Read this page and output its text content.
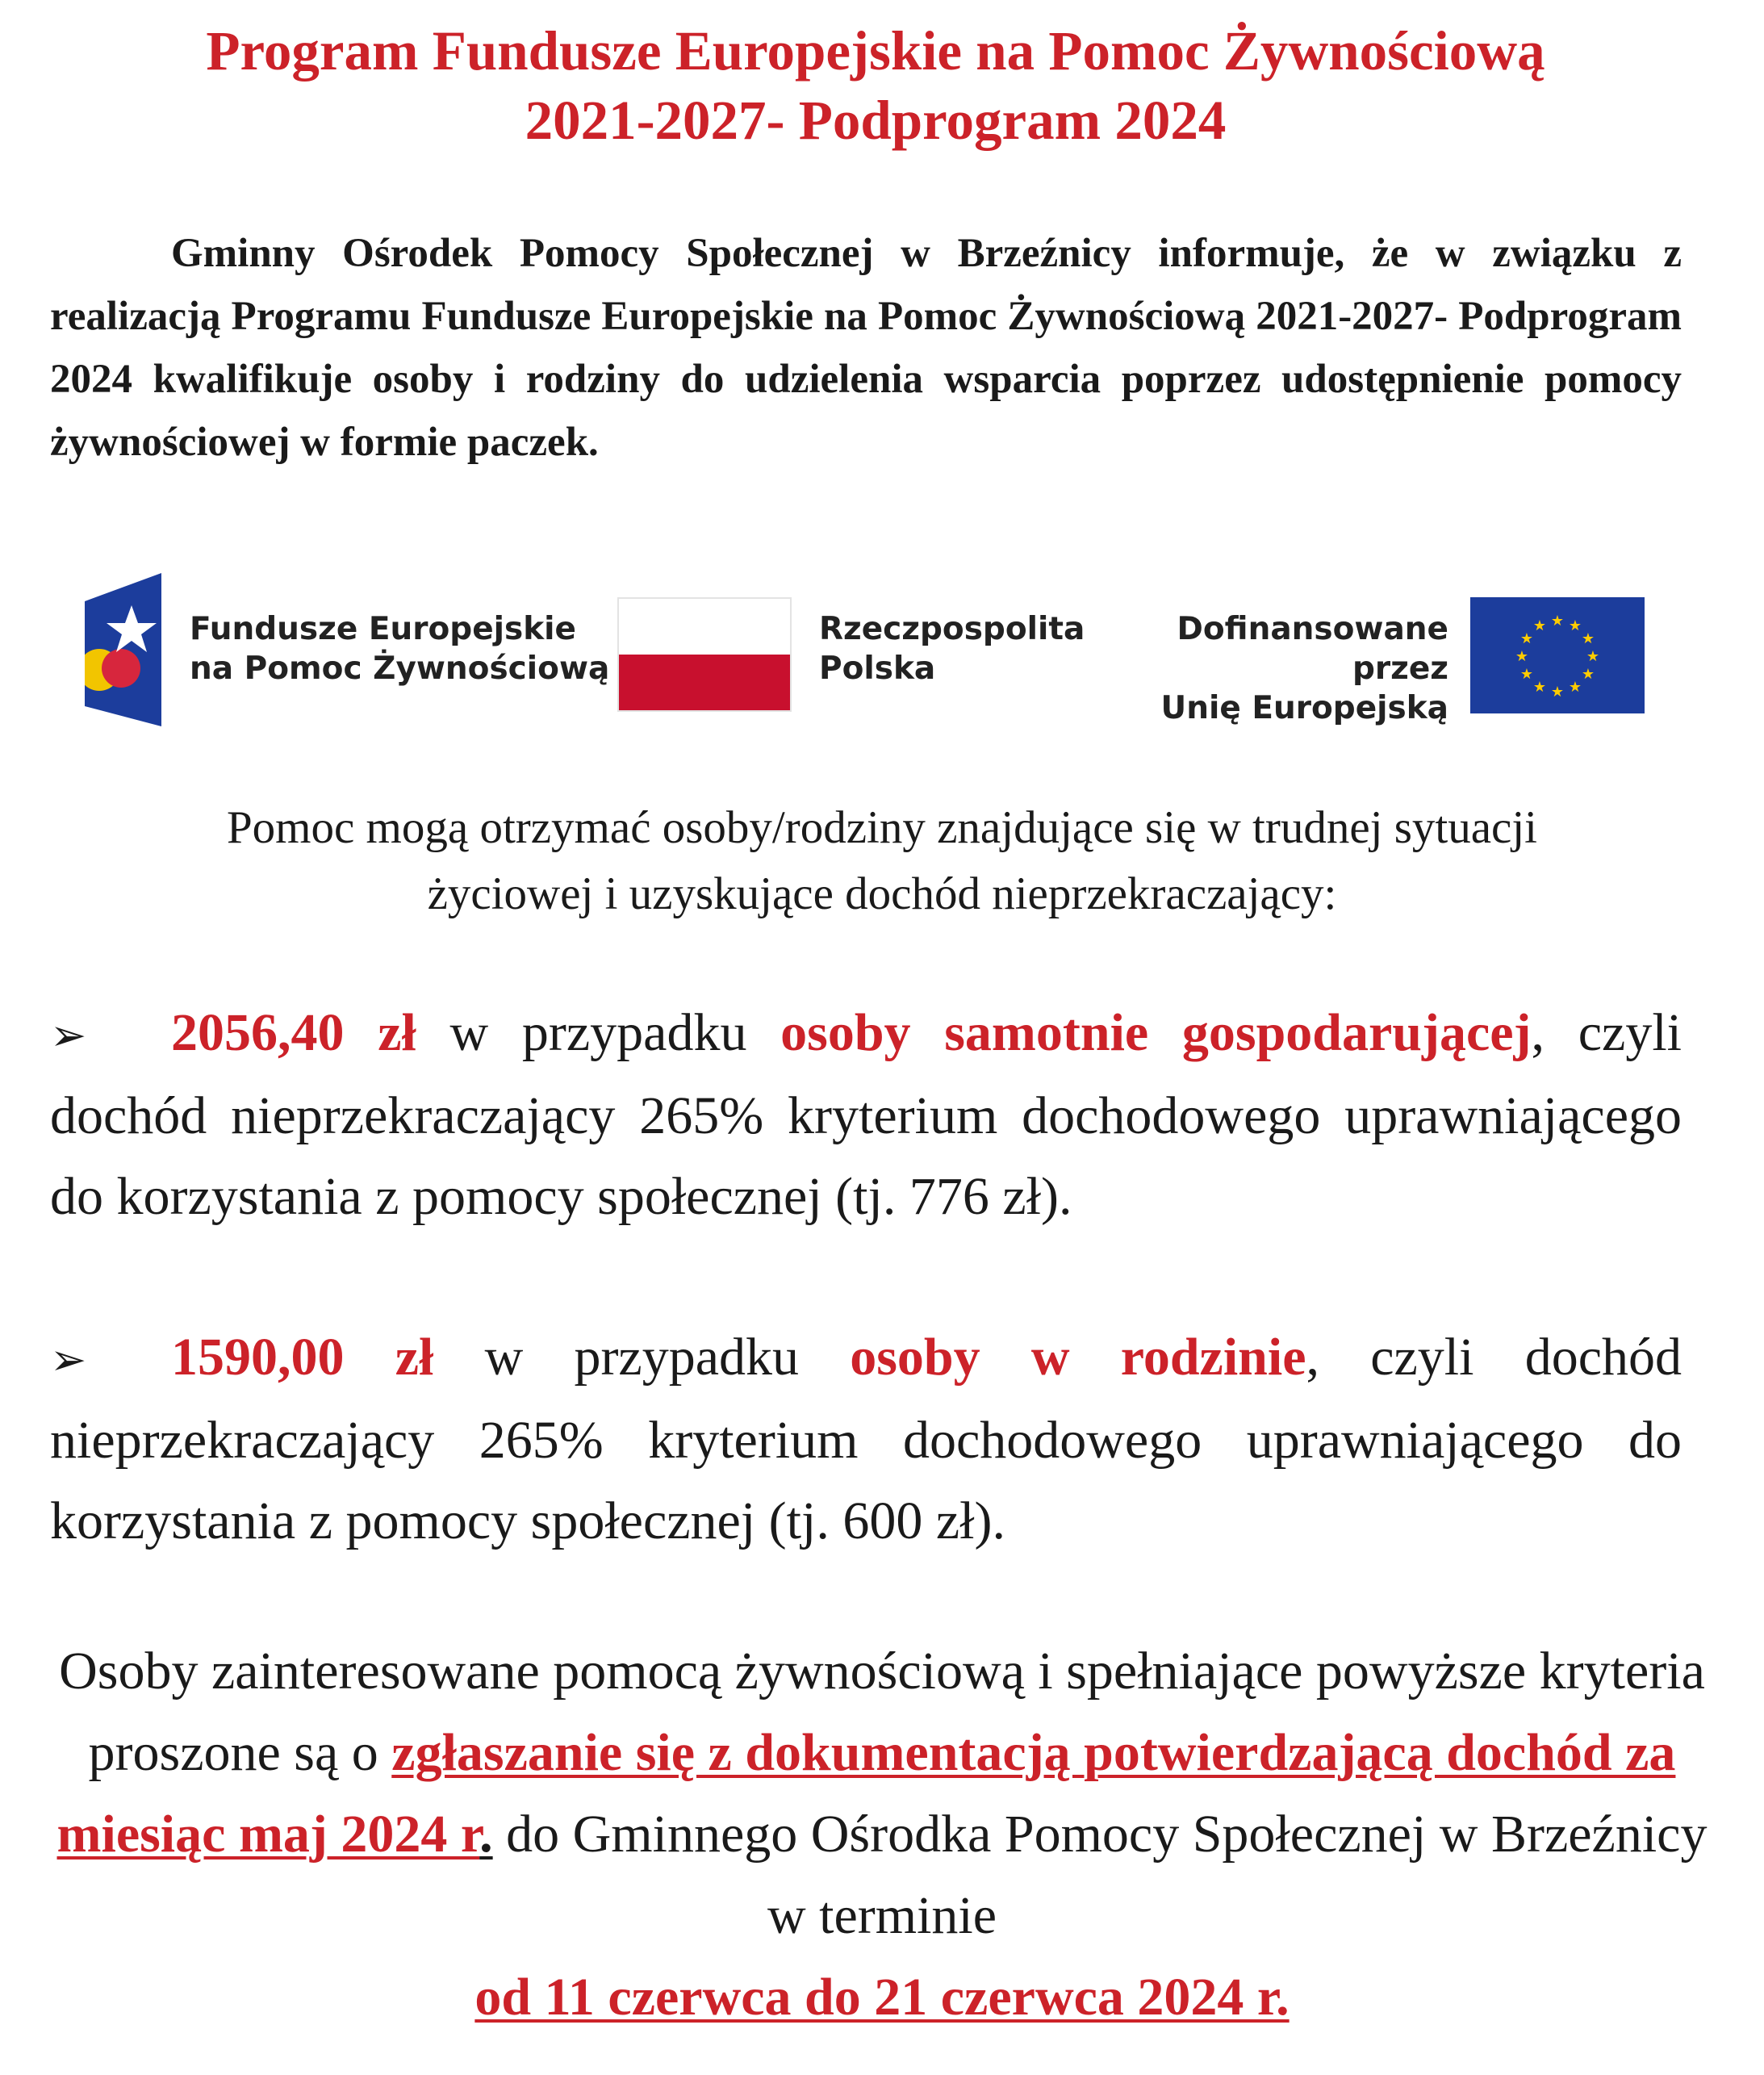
Program Fundusze Europejskie na Pomoc Żywnościową
2021-2027- Podprogram 2024
Gminny Ośrodek Pomocy Społecznej w Brzeźnicy informuje, że w związku z realizacją Programu Fundusze Europejskie na Pomoc Żywnościową 2021-2027- Podprogram 2024 kwalifikuje osoby i rodziny do udzielenia wsparcia poprzez udostępnienie pomocy żywnościowej w formie paczek.
Fundusze Europejskie
na Pomoc Żywnościową
Rzeczpospolita
Polska
Dofinansowane przez
Unię Europejską
★ ★
★
★
★
★
★
★
★
★
★
★
Pomoc mogą otrzymać osoby/rodziny znajdujące się w trudnej sytuacji
życiowej i uzyskujące dochód nieprzekraczający:
➢ 2056,40 zł w przypadku osoby samotnie gospodarującej, czyli dochód nieprzekraczający 265% kryterium dochodowego uprawniającego do korzystania z pomocy społecznej (tj. 776 zł).
➢ 1590,00 zł w przypadku osoby w rodzinie, czyli dochód nieprzekraczający 265% kryterium dochodowego uprawniającego do korzystania z pomocy społecznej (tj. 600 zł).
Osoby zainteresowane pomocą żywnościową i spełniające powyższe kryteria proszone są o zgłaszanie się z dokumentacją potwierdzającą dochód za miesiąc maj 2024 r. do Gminnego Ośrodka Pomocy Społecznej w Brzeźnicy w terminie
od 11 czerwca do 21 czerwca 2024 r.
